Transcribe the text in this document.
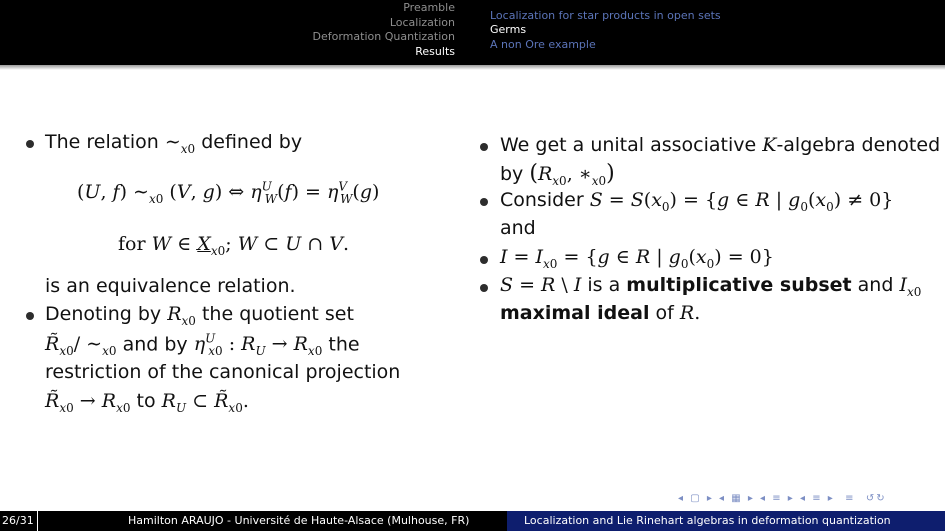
Preamble
Localization
Deformation Quantization
Results
Localization for star products in open sets
Germs
A non Ore example
The relation $\sim_{x0}$ defined by
(U, f) $\sim_{x0}$ (V, g) ⇔ $\eta^U_W(f) = \eta^V_W(g)$
for W ∈ $X_{x0}$; W ⊂ U ∩ V.
is an equivalence relation.
Denoting by $R_{x0}$ the quotient set
$R̃_{x0}/$ $\sim_{x0}$ and by $\eta^U_{x0}$ : $R_U \to R_{x0}$ the
restriction of the canonical projection
$R̃_{x0} \to R_{x0}$ to $R_U$ ⊂ $R̃_{x0}$.
We get a unital associative K-algebra denoted
by ($R_{x0}$, $∗_{x0}$)
Consider $S = S(x_0) = \{g$ ∈ R | $g_0(x_0) \ne 0$}
and
$I = I_{x0} = \{g$ ∈ R | $g_0(x_0) = 0$}
S = R \ I is a multiplicative subset and $I_{x0}$
maximal ideal of R.
◂ ▢ ▸ ◂ ▦ ▸ ◂ ≡ ▸ ◂ ≡ ▸  ≡  ↺↻
26/31	Hamilton ARAUJO - Université de Haute-Alsace (Mulhouse, FR)	Localization and Lie Rinehart algebras in deformation quantization
